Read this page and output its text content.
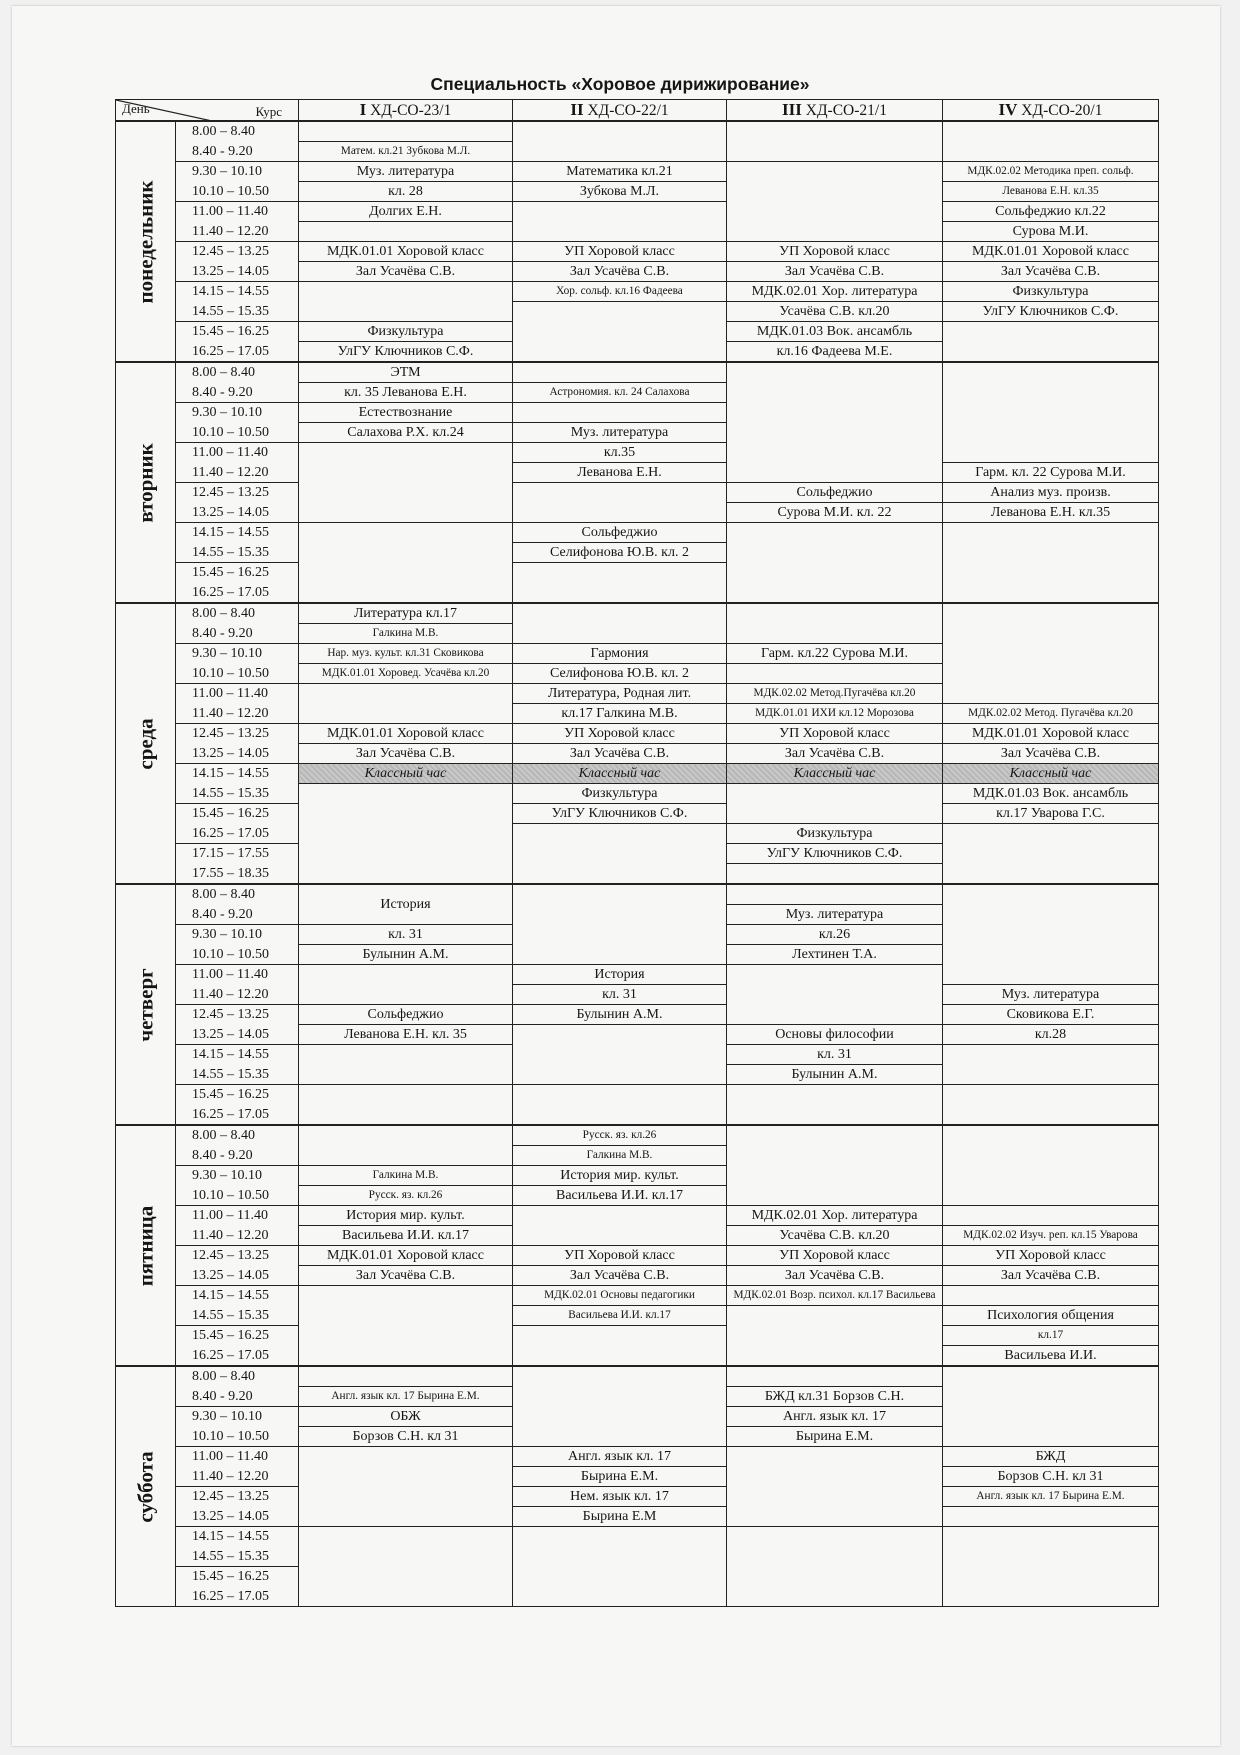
Специальность «Хоровое дирижирование»
Курс
День		I ХД-СО-23/1	II ХД-СО-22/1	III ХД-СО-21/1	IV ХД-СО-20/1

понедельник	8.00 – 8.40				
	8.40 - 9.20	Матем. кл.21 Зубкова М.Л.			
	9.30 – 10.10	Муз. литература	Математика кл.21		МДК.02.02 Методика преп. сольф.
	10.10 – 10.50	кл. 28	Зубкова М.Л.		Леванова Е.Н. кл.35
	11.00 – 11.40	Долгих Е.Н.			Сольфеджио кл.22
	11.40 – 12.20				Сурова М.И.
	12.45 – 13.25	МДК.01.01 Хоровой класс	УП Хоровой класс	УП Хоровой класс	МДК.01.01 Хоровой класс
	13.25 – 14.05	Зал Усачёва С.В.	Зал Усачёва С.В.	Зал Усачёва С.В.	Зал Усачёва С.В.
	14.15 – 14.55		Хор. сольф. кл.16 Фадеева	МДК.02.01 Хор. литература	Физкультура
	14.55 – 15.35			Усачёва С.В. кл.20	УлГУ Ключников С.Ф.
	15.45 – 16.25	Физкультура		МДК.01.03 Вок. ансамбль	
	16.25 – 17.05	УлГУ Ключников С.Ф.		кл.16 Фадеева М.Е.	

вторник	8.00 – 8.40	ЭТМ			
	8.40 - 9.20	кл. 35 Леванова Е.Н.	Астрономия. кл. 24 Салахова		
	9.30 – 10.10	Естествознание			
	10.10 – 10.50	Салахова Р.Х. кл.24	Муз. литература		
	11.00 – 11.40		кл.35		
	11.40 – 12.20		Леванова Е.Н.		Гарм. кл. 22 Сурова М.И.
	12.45 – 13.25			Сольфеджио	Анализ муз. произв.
	13.25 – 14.05			Сурова М.И. кл. 22	Леванова Е.Н. кл.35
	14.15 – 14.55		Сольфеджио		
	14.55 – 15.35		Селифонова Ю.В. кл. 2		
	15.45 – 16.25				
	16.25 – 17.05				

среда	8.00 – 8.40	Литература кл.17			
	8.40 - 9.20	Галкина М.В.			
	9.30 – 10.10	Нар. муз. культ. кл.31 Сковикова	Гармония	Гарм. кл.22 Сурова М.И.	
	10.10 – 10.50	МДК.01.01 Хоровед. Усачёва кл.20	Селифонова Ю.В. кл. 2		
	11.00 – 11.40		Литература, Родная лит.	МДК.02.02 Метод.Пугачёва кл.20	
	11.40 – 12.20		кл.17 Галкина М.В.	МДК.01.01 ИХИ кл.12 Морозова	МДК.02.02 Метод. Пугачёва кл.20
	12.45 – 13.25	МДК.01.01 Хоровой класс	УП Хоровой класс	УП Хоровой класс	МДК.01.01 Хоровой класс
	13.25 – 14.05	Зал Усачёва С.В.	Зал Усачёва С.В.	Зал Усачёва С.В.	Зал Усачёва С.В.
	14.15 – 14.55	Классный час	Классный час	Классный час	Классный час
	14.55 – 15.35		Физкультура		МДК.01.03 Вок. ансамбль
	15.45 – 16.25		УлГУ Ключников С.Ф.		кл.17 Уварова Г.С.
	16.25 – 17.05			Физкультура	
	17.15 – 17.55			УлГУ Ключников С.Ф.	
	17.55 – 18.35				

четверг	8.00 – 8.40	История			
	8.40 - 9.20			Муз. литература	
	9.30 – 10.10	кл. 31		кл.26	
	10.10 – 10.50	Булынин А.М.		Лехтинен Т.А.	
	11.00 – 11.40		История		
	11.40 – 12.20		кл. 31		Муз. литература
	12.45 – 13.25	Сольфеджио	Булынин А.М.		Сковикова Е.Г.
	13.25 – 14.05	Леванова Е.Н. кл. 35		Основы философии	кл.28
	14.15 – 14.55			кл. 31	
	14.55 – 15.35			Булынин А.М.	
	15.45 – 16.25				
	16.25 – 17.05				

пятница	8.00 – 8.40		Русск. яз. кл.26		
	8.40 - 9.20		Галкина М.В.		
	9.30 – 10.10	Галкина М.В.	История мир. культ.		
	10.10 – 10.50	Русск. яз. кл.26	Васильева И.И. кл.17		
	11.00 – 11.40	История мир. культ.		МДК.02.01 Хор. литература	
	11.40 – 12.20	Васильева И.И. кл.17		Усачёва С.В. кл.20	МДК.02.02 Изуч. реп. кл.15 Уварова
	12.45 – 13.25	МДК.01.01 Хоровой класс	УП Хоровой класс	УП Хоровой класс	УП Хоровой класс
	13.25 – 14.05	Зал Усачёва С.В.	Зал Усачёва С.В.	Зал Усачёва С.В.	Зал Усачёва С.В.
	14.15 – 14.55		МДК.02.01 Основы педагогики	МДК.02.01 Возр. психол. кл.17 Васильева	
	14.55 – 15.35		Васильева И.И. кл.17		Психология общения
	15.45 – 16.25				кл.17
	16.25 – 17.05				Васильева И.И.

суббота	8.00 – 8.40				
	8.40 - 9.20	Англ. язык кл. 17 Бырина Е.М.		БЖД кл.31 Борзов С.Н.	
	9.30 – 10.10	ОБЖ		Англ. язык кл. 17	
	10.10 – 10.50	Борзов С.Н. кл 31		Бырина Е.М.	
	11.00 – 11.40		Англ. язык кл. 17		БЖД
	11.40 – 12.20		Бырина Е.М.		Борзов С.Н. кл 31
	12.45 – 13.25		Нем. язык кл. 17		Англ. язык кл. 17 Бырина Е.М.
	13.25 – 14.05		Бырина Е.М		
	14.15 – 14.55				
	14.55 – 15.35				
	15.45 – 16.25				
	16.25 – 17.05				
